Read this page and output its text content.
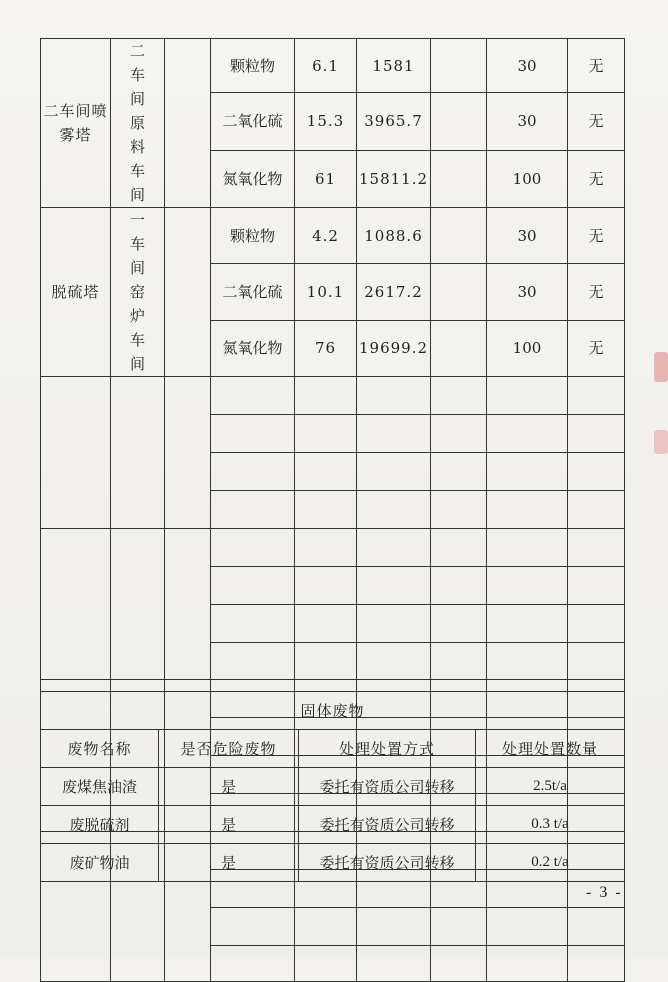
二车间喷雾塔	二车间原料车间		颗粒物	6.1	1581		30	无
			二氧化硫	15.3	3965.7		30	无
			氮氧化物	61	15811.2		100	无
脱硫塔	一车间窑炉车间		颗粒物	4.2	1088.6		30	无
			二氧化硫	10.1	2617.2		30	无
			氮氧化物	76	19699.2		100	无

固体废物			
废物名称	是否危险废物	处理处置方式	处理处置数量
废煤焦油渣	是	委托有资质公司转移	2.5t/a
废脱硫剂	是	委托有资质公司转移	0.3 t/a
废矿物油	是	委托有资质公司转移	0.2 t/a
- 3 -
